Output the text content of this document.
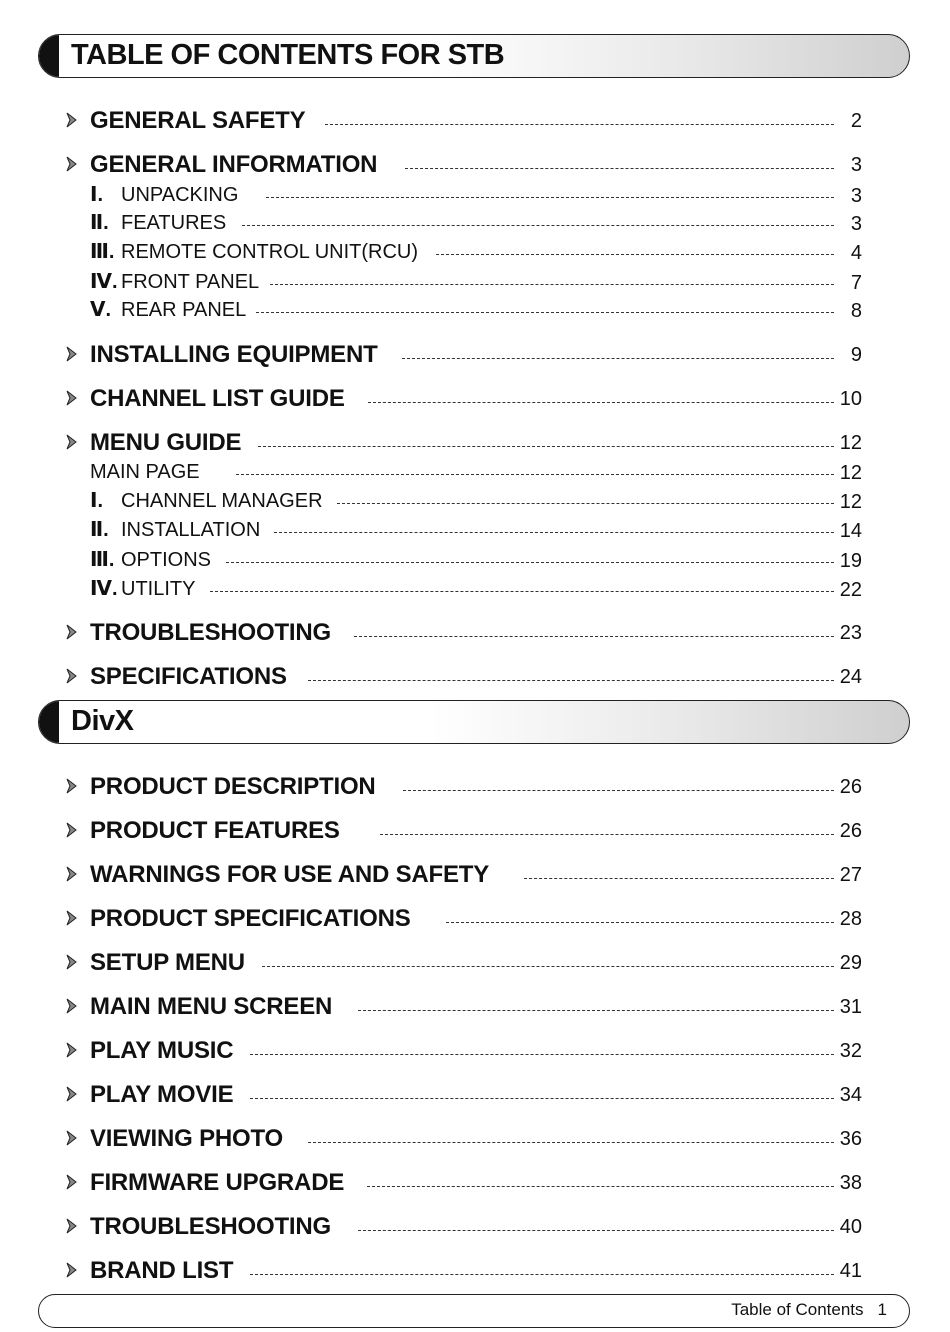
TABLE OF CONTENTS FOR STB
DivX
GENERAL SAFETY	2
GENERAL INFORMATION	3
Ⅰ. UNPACKING	3
Ⅱ. FEATURES	3
Ⅲ. REMOTE CONTROL UNIT(RCU)	4
Ⅳ. FRONT PANEL	7
Ⅴ. REAR PANEL	8
INSTALLING EQUIPMENT	9
CHANNEL LIST GUIDE	10
MENU GUIDE	12
MAIN PAGE	12
Ⅰ. CHANNEL MANAGER	12
Ⅱ. INSTALLATION	14
Ⅲ. OPTIONS	19
Ⅳ. UTILITY	22
TROUBLESHOOTING	23
SPECIFICATIONS	24
PRODUCT DESCRIPTION	26
PRODUCT FEATURES	26
WARNINGS FOR USE AND SAFETY	27
PRODUCT SPECIFICATIONS	28
SETUP MENU	29
MAIN MENU SCREEN	31
PLAY MUSIC	32
PLAY MOVIE	34
VIEWING PHOTO	36
FIRMWARE UPGRADE	38
TROUBLESHOOTING	40
BRAND LIST	41
Table of Contents 1
